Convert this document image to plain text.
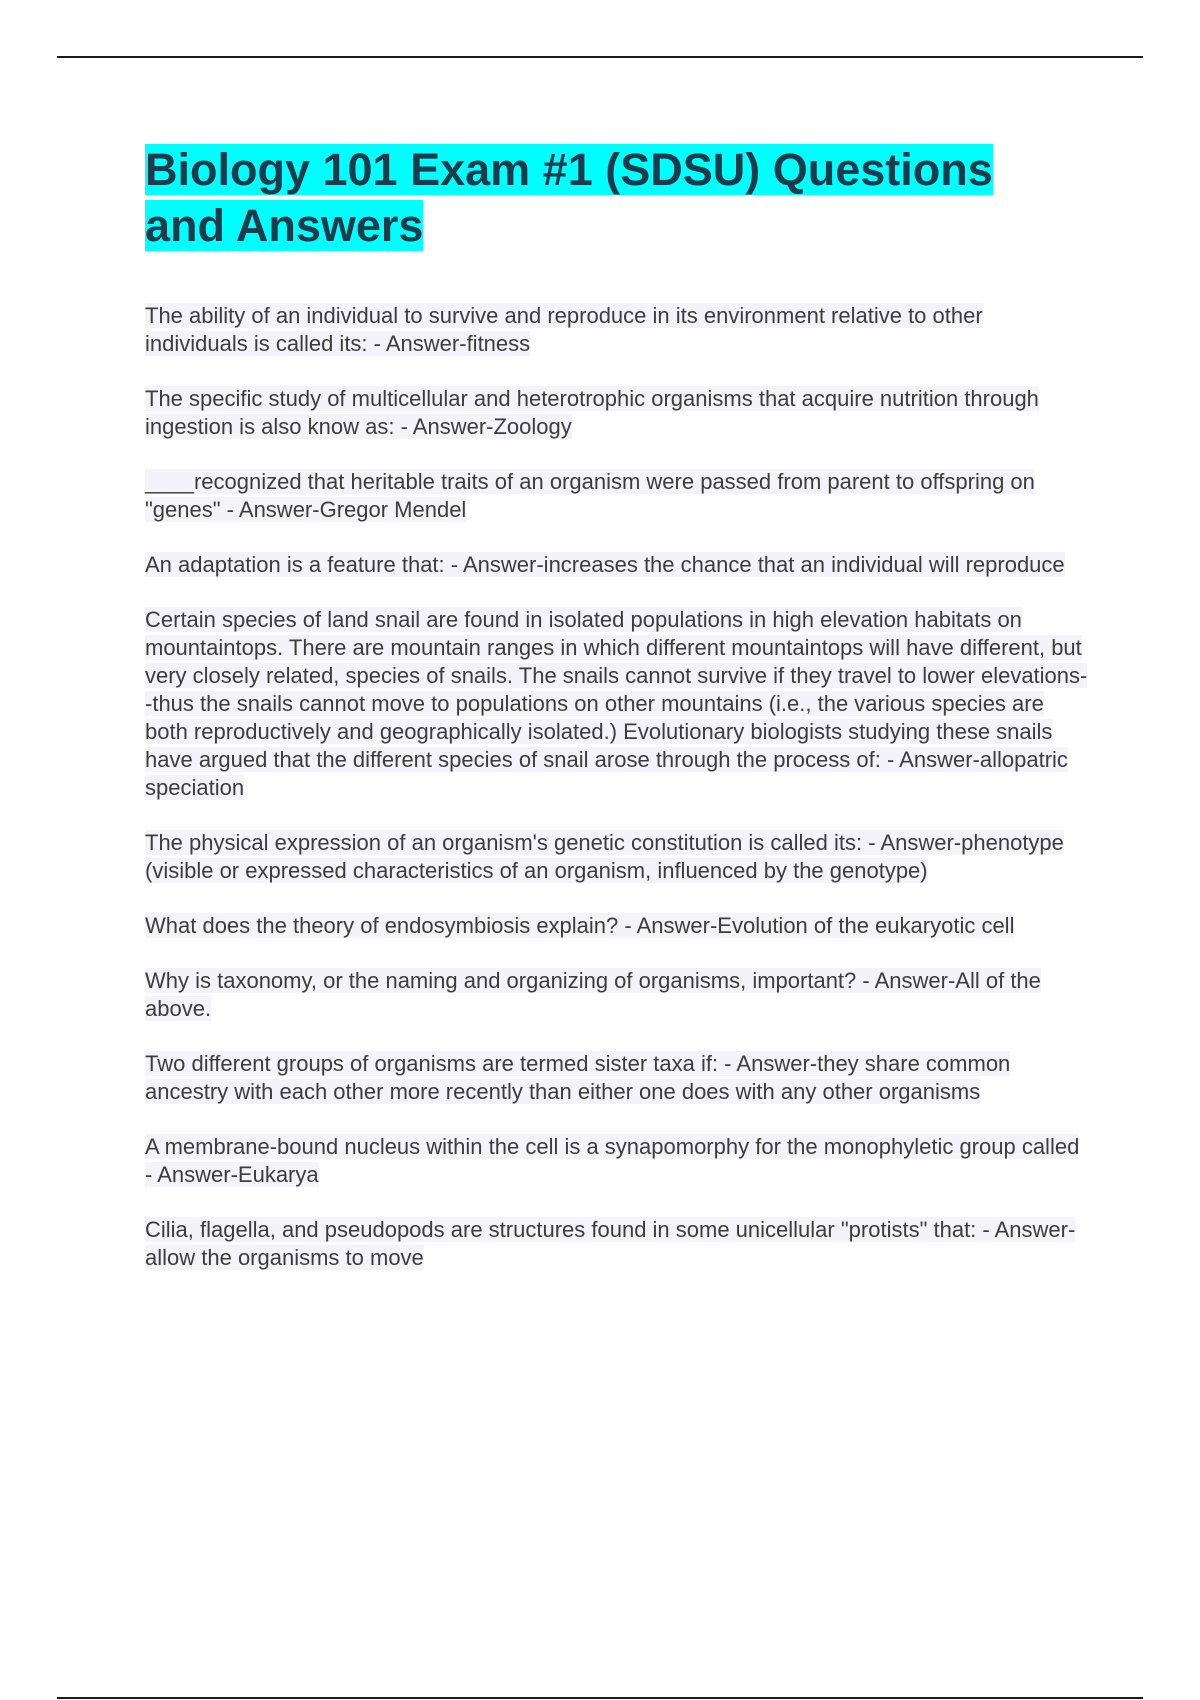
Biology 101 Exam #1 (SDSU) Questions and Answers

The ability of an individual to survive and reproduce in its environment relative to other individuals is called its: - Answer-fitness

The specific study of multicellular and heterotrophic organisms that acquire nutrition through ingestion is also know as: - Answer-Zoology

____recognized that heritable traits of an organism were passed from parent to offspring on "genes" - Answer-Gregor Mendel

An adaptation is a feature that: - Answer-increases the chance that an individual will reproduce

Certain species of land snail are found in isolated populations in high elevation habitats on mountaintops. There are mountain ranges in which different mountaintops will have different, but very closely related, species of snails. The snails cannot survive if they travel to lower elevations--thus the snails cannot move to populations on other mountains (i.e., the various species are both reproductively and geographically isolated.) Evolutionary biologists studying these snails have argued that the different species of snail arose through the process of: - Answer-allopatric speciation

The physical expression of an organism's genetic constitution is called its: - Answer-phenotype (visible or expressed characteristics of an organism, influenced by the genotype)

What does the theory of endosymbiosis explain? - Answer-Evolution of the eukaryotic cell

Why is taxonomy, or the naming and organizing of organisms, important? - Answer-All of the above.

Two different groups of organisms are termed sister taxa if: - Answer-they share common ancestry with each other more recently than either one does with any other organisms

A membrane-bound nucleus within the cell is a synapomorphy for the monophyletic group called - Answer-Eukarya

Cilia, flagella, and pseudopods are structures found in some unicellular "protists" that: - Answer-allow the organisms to move
